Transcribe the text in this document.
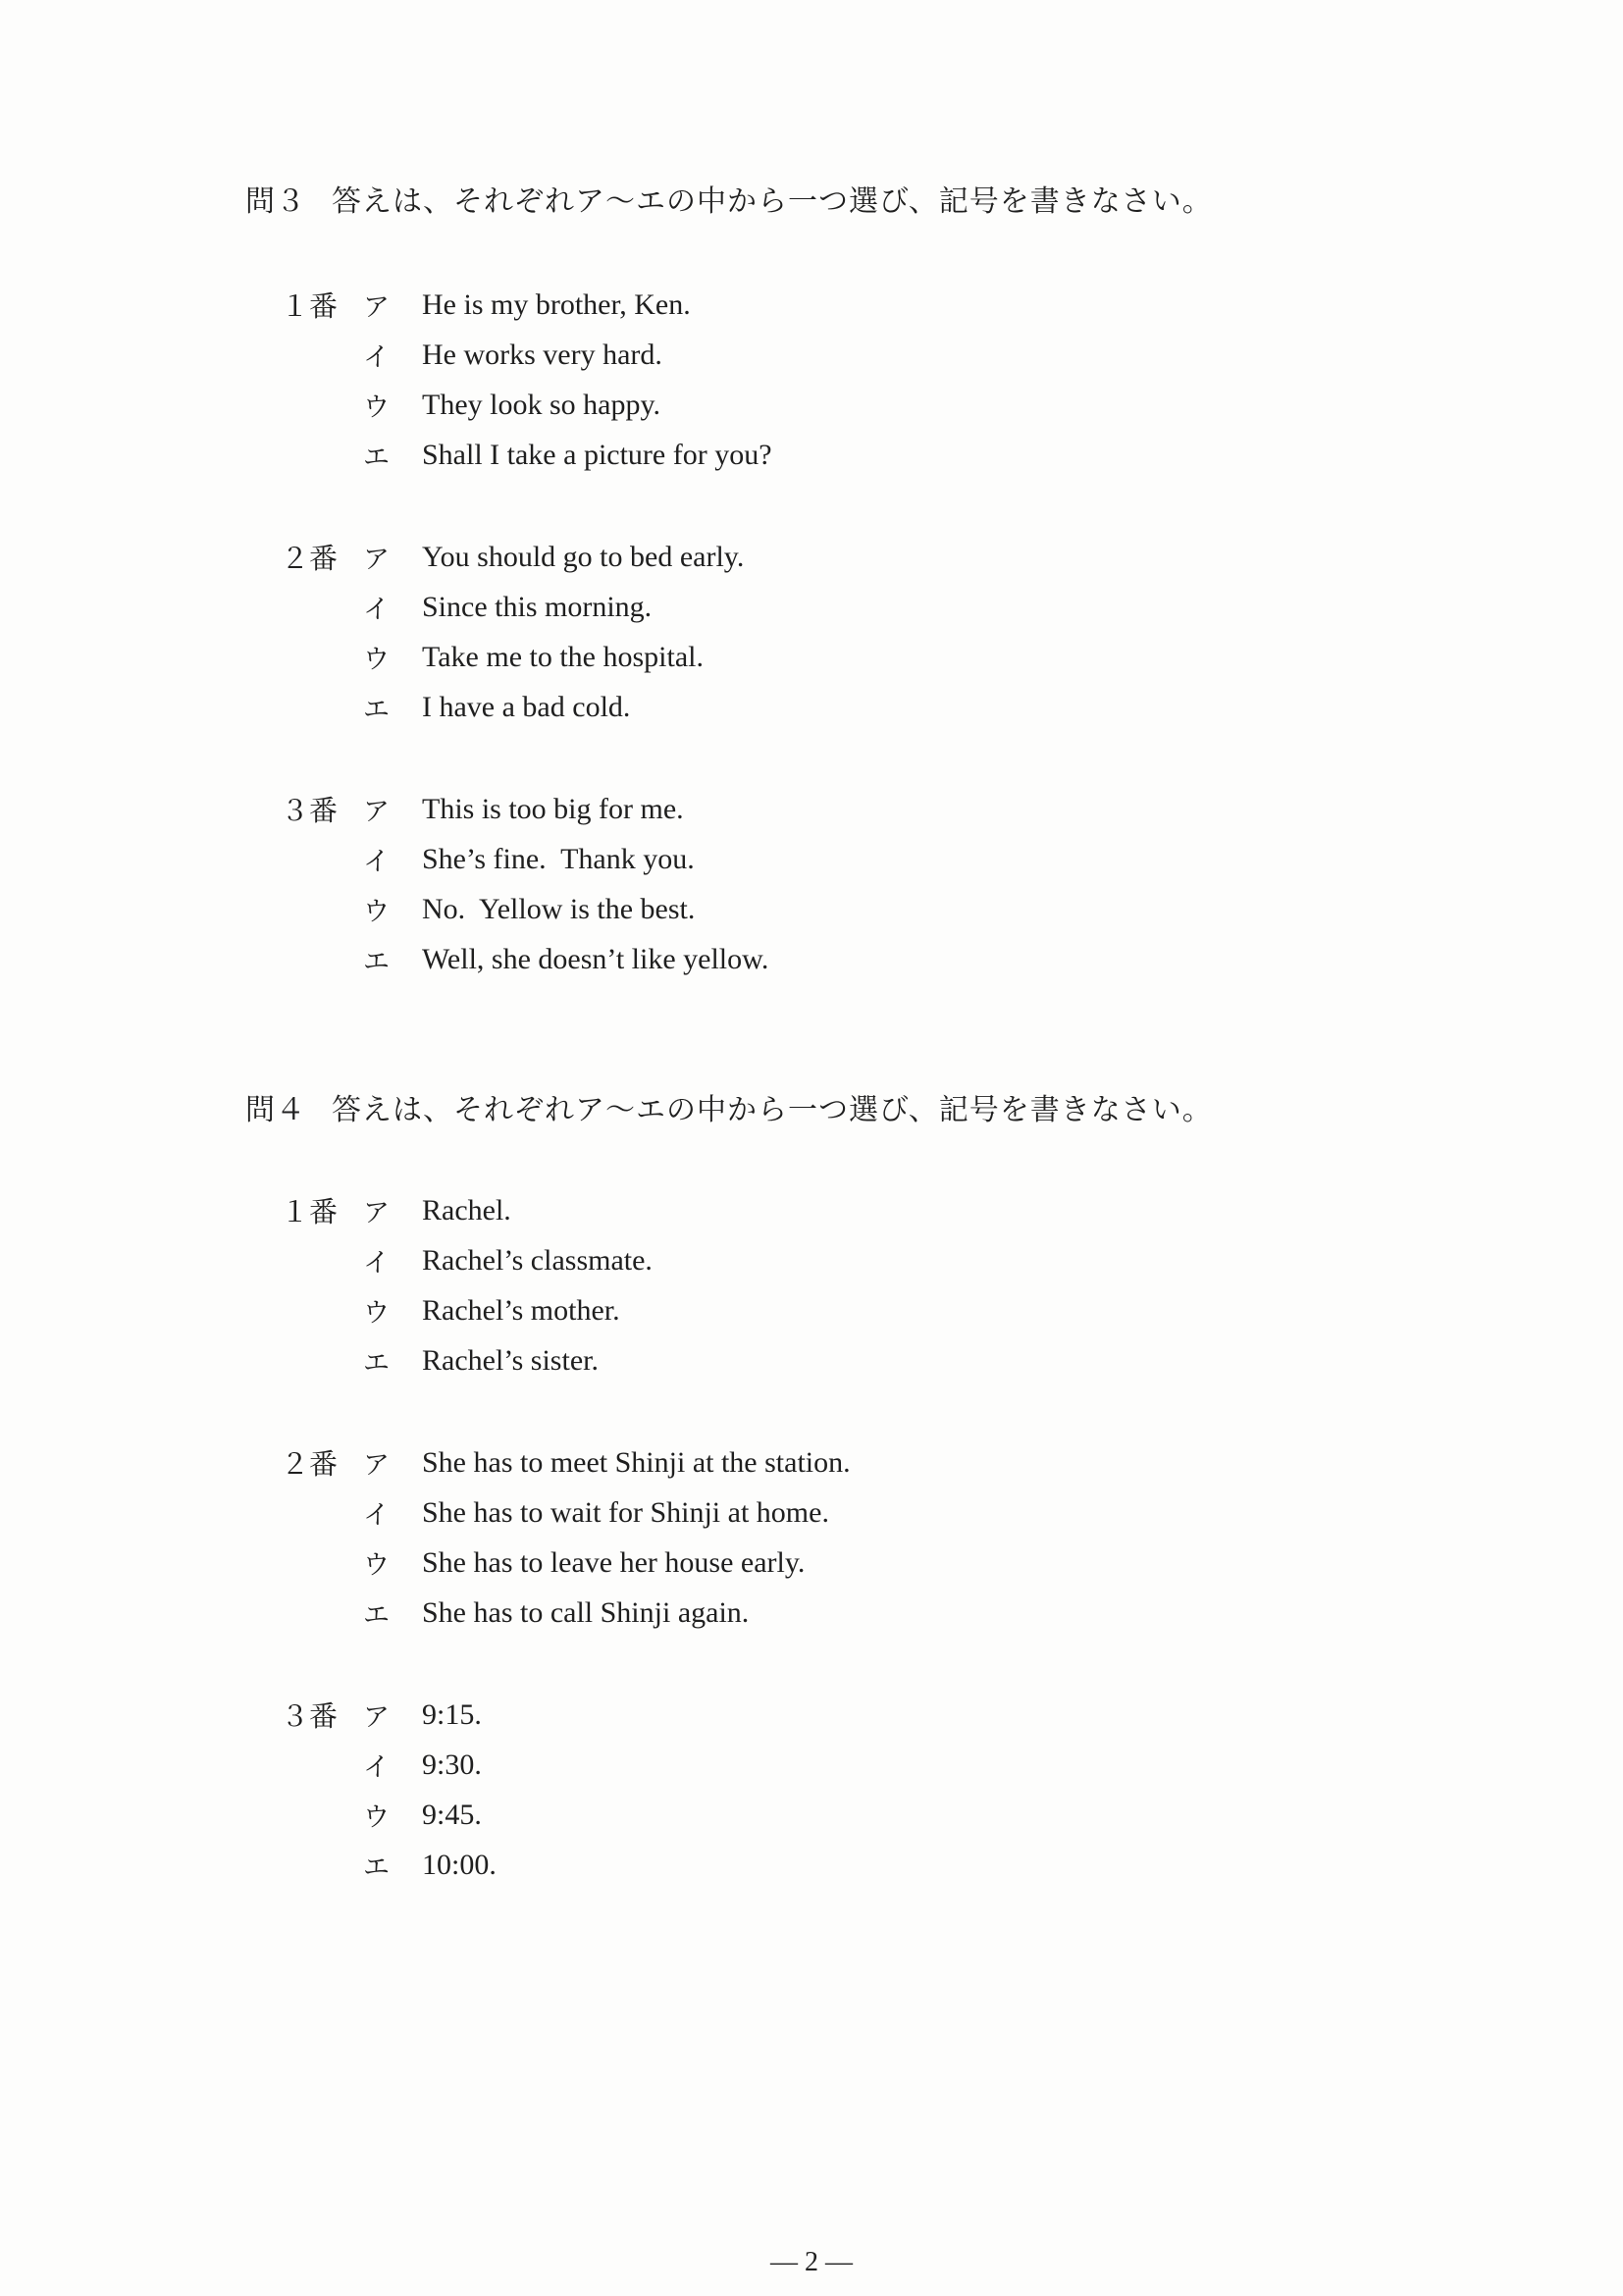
問３ 答えは、それぞれア〜エの中から一つ選び、記号を書きなさい。
１番 ア	He is my brother, Ken.
イ	He works very hard.
ウ	They look so happy.
エ	Shall I take a picture for you?
２番 ア	You should go to bed early.
イ	Since this morning.
ウ	Take me to the hospital.
エ	I have a bad cold.
３番 ア	This is too big for me.
イ	She’s fine.  Thank you.
ウ	No.  Yellow is the best.
エ	Well, she doesn’t like yellow.
問４ 答えは、それぞれア〜エの中から一つ選び、記号を書きなさい。
１番 ア	Rachel.
イ	Rachel’s classmate.
ウ	Rachel’s mother.
エ	Rachel’s sister.
２番 ア	She has to meet Shinji at the station.
イ	She has to wait for Shinji at home.
ウ	She has to leave her house early.
エ	She has to call Shinji again.
３番 ア	9:15.
イ	9:30.
ウ	9:45.
エ	10:00.
— 2 —
